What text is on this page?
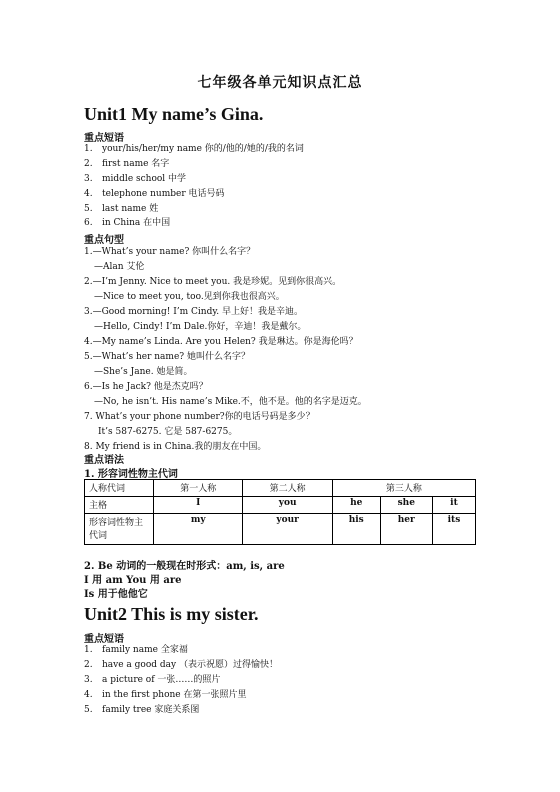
七年级各单元知识点汇总
Unit1 My name’s Gina.
重点短语
1. your/his/her/my name 你的/他的/她的/我的名词
2. first name 名字
3. middle school 中学
4. telephone number 电话号码
5. last name 姓
6. in China 在中国
重点句型
1.—What’s your name? 你叫什么名字？
—Alan 艾伦
2.—I’m Jenny. Nice to meet you. 我是珍妮。见到你很高兴。
—Nice to meet you, too.见到你我也很高兴。
3.—Good morning! I’m Cindy. 早上好！我是辛迪。
—Hello, Cindy! I’m Dale.你好，辛迪！我是戴尔。
4.—My name’s Linda. Are you Helen? 我是琳达。你是海伦吗？
5.—What’s her name? 她叫什么名字？
—She’s Jane. 她是简。
6.—Is he Jack? 他是杰克吗？
—No, he isn’t. His name’s Mike.不，他不是。他的名字是迈克。
7. What’s your phone number?你的电话号码是多少？
It’s 587-6275. 它是 587-6275。
8. My friend is in China.我的朋友在中国。
重点语法
1. 形容词性物主代词
人称代词	第一人称	第二人称	第三人称		
主格	I	you	he	she	it
形容词性物主代词	my	your	his	her	its
2. Be 动词的一般现在时形式：am, is, are
I 用 am You 用 are
Is 用于他他它
Unit2 This is my sister.
重点短语
1. family name 全家福
2. have a good day （表示祝愿）过得愉快！
3. a picture of 一张……的照片
4. in the first phone 在第一张照片里
5. family tree 家庭关系图
